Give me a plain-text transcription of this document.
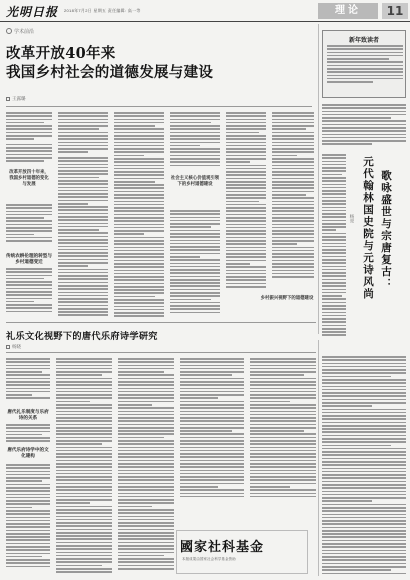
光明日报 2018年7月2日 星期五 责任编辑: 高一等	理论	11
学术前沿
改革开放40年来
我国乡村社会的道德发展与建设
王露璐
改革开放四十年来，我国乡村道德的变化与发展
传统农耕伦理的转型与乡村道德变迁
社会主义核心价值观引领下的乡村道德建设
乡村振兴视野下的道德建设
新年致读者
歌咏盛世与宗唐复古：
元代翰林国史院与元诗风尚
杨亮
礼乐文化视野下的唐代乐府诗学研究
杨晓
唐代礼乐制度与乐府诗的关系
唐代乐府诗学中的文化建构
國家社科基金
本版成果由国家社会科学基金资助
